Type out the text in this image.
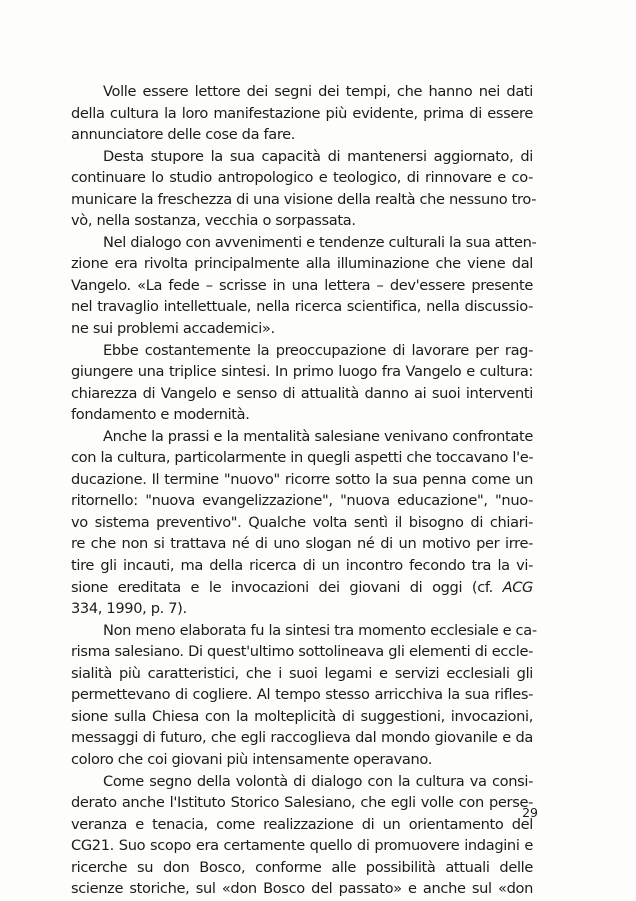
Volle essere lettore dei segni dei tempi, che hanno nei dati
della cultura la loro manifestazione più evidente, prima di essere
annunciatore delle cose da fare.
Desta stupore la sua capacità di mantenersi aggiornato, di
continuare lo studio antropologico e teologico, di rinnovare e co-
municare la freschezza di una visione della realtà che nessuno tro-
vò, nella sostanza, vecchia o sorpassata.
Nel dialogo con avvenimenti e tendenze culturali la sua atten-
zione era rivolta principalmente alla illuminazione che viene dal
Vangelo. «La fede – scrisse in una lettera – dev'essere presente
nel travaglio intellettuale, nella ricerca scientifica, nella discussio-
ne sui problemi accademici».
Ebbe costantemente la preoccupazione di lavorare per rag-
giungere una triplice sintesi. In primo luogo fra Vangelo e cultura:
chiarezza di Vangelo e senso di attualità danno ai suoi interventi
fondamento e modernità.
Anche la prassi e la mentalità salesiane venivano confrontate
con la cultura, particolarmente in quegli aspetti che toccavano l'e-
ducazione. Il termine "nuovo" ricorre sotto la sua penna come un
ritornello: "nuova evangelizzazione", "nuova educazione", "nuo-
vo sistema preventivo". Qualche volta sentì il bisogno di chiari-
re che non si trattava né di uno slogan né di un motivo per irre-
tire gli incauti, ma della ricerca di un incontro fecondo tra la vi-
sione ereditata e le invocazioni dei giovani di oggi (cf. ACG
334, 1990, p. 7).
Non meno elaborata fu la sintesi tra momento ecclesiale e ca-
risma salesiano. Di quest'ultimo sottolineava gli elementi di eccle-
sialità più caratteristici, che i suoi legami e servizi ecclesiali gli
permettevano di cogliere. Al tempo stesso arricchiva la sua rifles-
sione sulla Chiesa con la molteplicità di suggestioni, invocazioni,
messaggi di futuro, che egli raccoglieva dal mondo giovanile e da
coloro che coi giovani più intensamente operavano.
Come segno della volontà di dialogo con la cultura va consi-
derato anche l'Istituto Storico Salesiano, che egli volle con perse-
veranza e tenacia, come realizzazione di un orientamento del
CG21. Suo scopo era certamente quello di promuovere indagini e
ricerche su don Bosco, conforme alle possibilità attuali delle
scienze storiche, sul «don Bosco del passato» e anche sul «don
29
